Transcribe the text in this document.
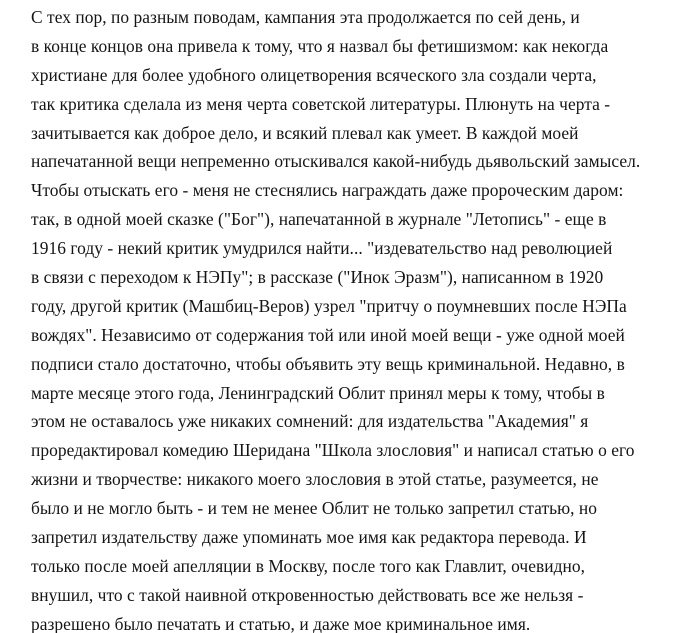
С тех пор, по разным поводам, кампания эта продолжается по сей день, и
в конце концов она привела к тому, что я назвал бы фетишизмом: как некогда
христиане для более удобного олицетворения всяческого зла создали черта,
так критика сделала из меня черта советской литературы. Плюнуть на черта -
зачитывается как доброе дело, и всякий плевал как умеет. В каждой моей
напечатанной вещи непременно отыскивался какой-нибудь дьявольский замысел.
Чтобы отыскать его - меня не стеснялись награждать даже пророческим даром:
так, в одной моей сказке ("Бог"), напечатанной в журнале "Летопись" - еще в
1916 году - некий критик умудрился найти... "издевательство над революцией
в связи с переходом к НЭПу"; в рассказе ("Инок Эразм"), написанном в 1920
году, другой критик (Машбиц-Веров) узрел "притчу о поумневших после НЭПа
вождях". Независимо от содержания той или иной моей вещи - уже одной моей
подписи стало достаточно, чтобы объявить эту вещь криминальной. Недавно, в
марте месяце этого года, Ленинградский Облит принял меры к тому, чтобы в
этом не оставалось уже никаких сомнений: для издательства "Академия" я
проредактировал комедию Шеридана "Школа злословия" и написал статью о его
жизни и творчестве: никакого моего злословия в этой статье, разумеется, не
было и не могло быть - и тем не менее Облит не только запретил статью, но
запретил издательству даже упоминать мое имя как редактора перевода. И
только после моей апелляции в Москву, после того как Главлит, очевидно,
внушил, что с такой наивной откровенностью действовать все же нельзя -
разрешено было печатать и статью, и даже мое криминальное имя.
